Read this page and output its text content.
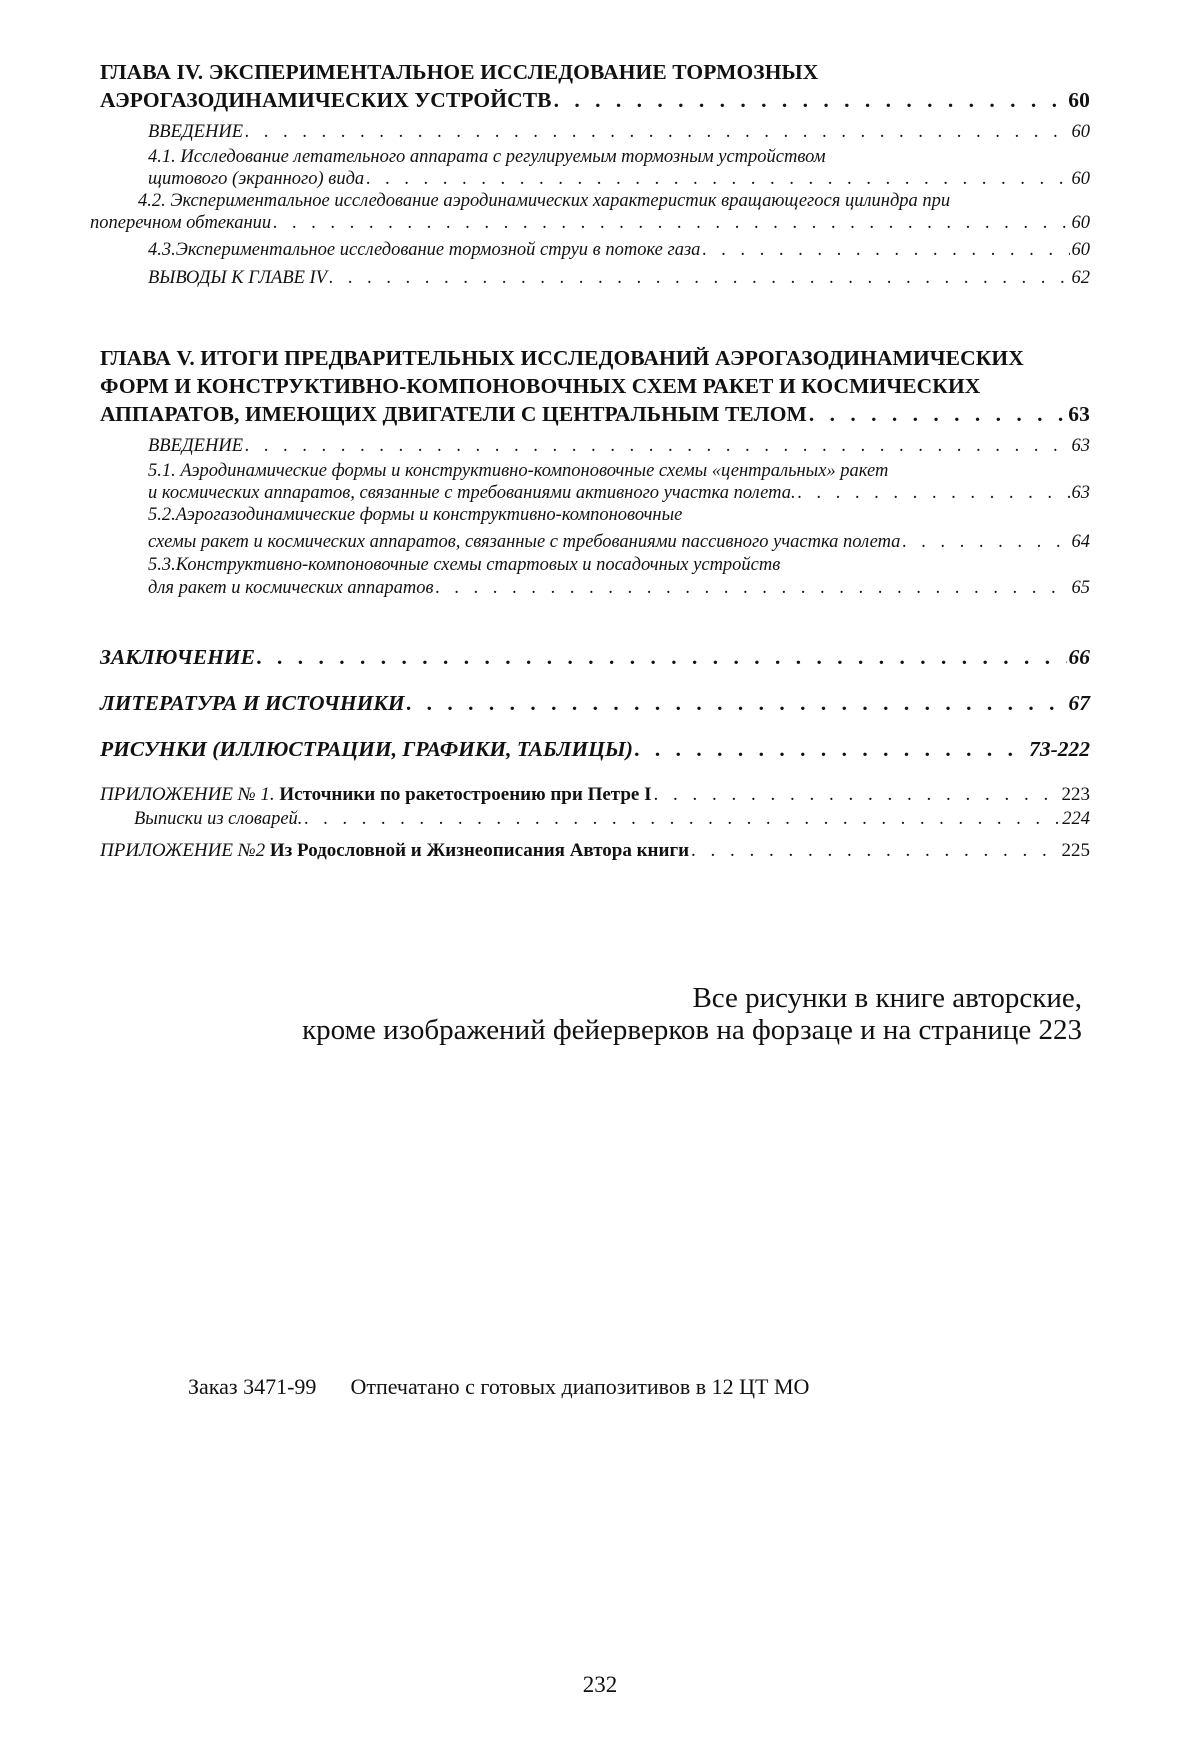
ГЛАВА IV. ЭКСПЕРИМЕНТАЛЬНОЕ ИССЛЕДОВАНИЕ ТОРМОЗНЫХ
АЭРОГАЗОДИНАМИЧЕСКИХ УСТРОЙСТВ . . .	60
ВВЕДЕНИЕ . . .	60
4.1. Исследование летательного аппарата с регулируемым тормозным устройством
щитового (экранного) вида . . .	60
4.2. Экспериментальное исследование аэродинамических характеристик вращающегося цилиндра при
поперечном обтекании . . .	60
4.3.Экспериментальное исследование тормозной струи в потоке газа . . .	60
ВЫВОДЫ К ГЛАВЕ IV . . .	62
ГЛАВА V. ИТОГИ ПРЕДВАРИТЕЛЬНЫХ ИССЛЕДОВАНИЙ АЭРОГАЗОДИНАМИЧЕСКИХ
ФОРМ И КОНСТРУКТИВНО-КОМПОНОВОЧНЫХ СХЕМ РАКЕТ И КОСМИЧЕСКИХ
АППАРАТОВ, ИМЕЮЩИХ ДВИГАТЕЛИ С ЦЕНТРАЛЬНЫМ ТЕЛОМ . . .	63
ВВЕДЕНИЕ . . .	63
5.1. Аэродинамические формы и конструктивно-компоновочные схемы «центральных» ракет
и космических аппаратов, связанные с требованиями активного участка полета. . . .	63
5.2.Аэрогазодинамические формы и конструктивно-компоновочные
схемы ракет и космических аппаратов, связанные с требованиями пассивного участка полета . . .	64
5.3.Конструктивно-компоновочные схемы стартовых и посадочных устройств
для ракет и космических аппаратов . . .	65
ЗАКЛЮЧЕНИЕ . . .	66
ЛИТЕРАТУРА И ИСТОЧНИКИ . . .	67
РИСУНКИ (ИЛЛЮСТРАЦИИ, ГРАФИКИ, ТАБЛИЦЫ) . . .	73-222
ПРИЛОЖЕНИЕ № 1. Источники по ракетостроению при Петре I . . .	223
Выписки из словарей. . . .	224
ПРИЛОЖЕНИЕ №2 Из Родословной и Жизнеописания Автора книги . . .	225
Все рисунки в книге авторские,
кроме изображений фейерверков на форзаце и на странице 223
Заказ 3471-99 Отпечатано с готовых диапозитивов в 12 ЦТ МО
232
